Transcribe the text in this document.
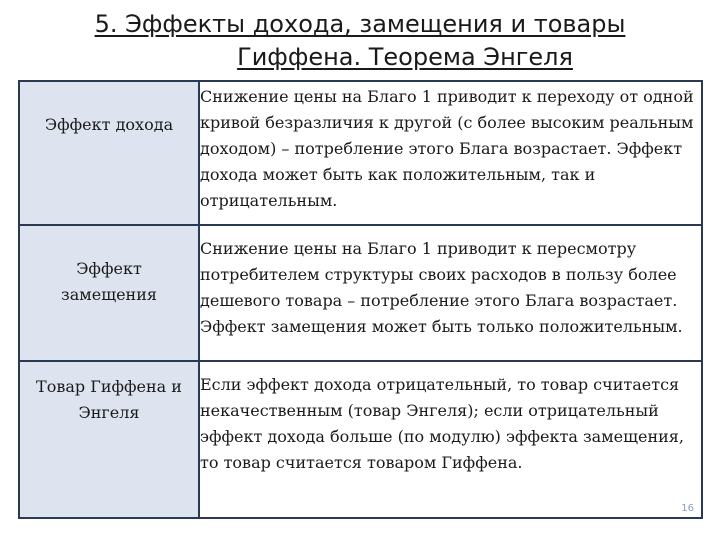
5. Эффекты дохода, замещения и товары
Гиффена. Теорема Энгеля
Эффект дохода	Снижение цены на Благо 1 приводит к переходу от одной кривой безразличия к другой (с более высоким реальным доходом) – потребление этого Блага возрастает. Эффект дохода может быть как положительным, так и отрицательным.

Эффект замещения	Снижение цены на Благо 1 приводит к пересмотру потребителем структуры своих расходов в пользу более дешевого товара – потребление этого Блага возрастает. Эффект замещения может быть только положительным.

Товар Гиффена и Энгеля	Если эффект дохода отрицательный, то товар считается некачественным (товар Энгеля); если отрицательный эффект дохода больше (по модулю) эффекта замещения, то товар считается товаром Гиффена.
16
